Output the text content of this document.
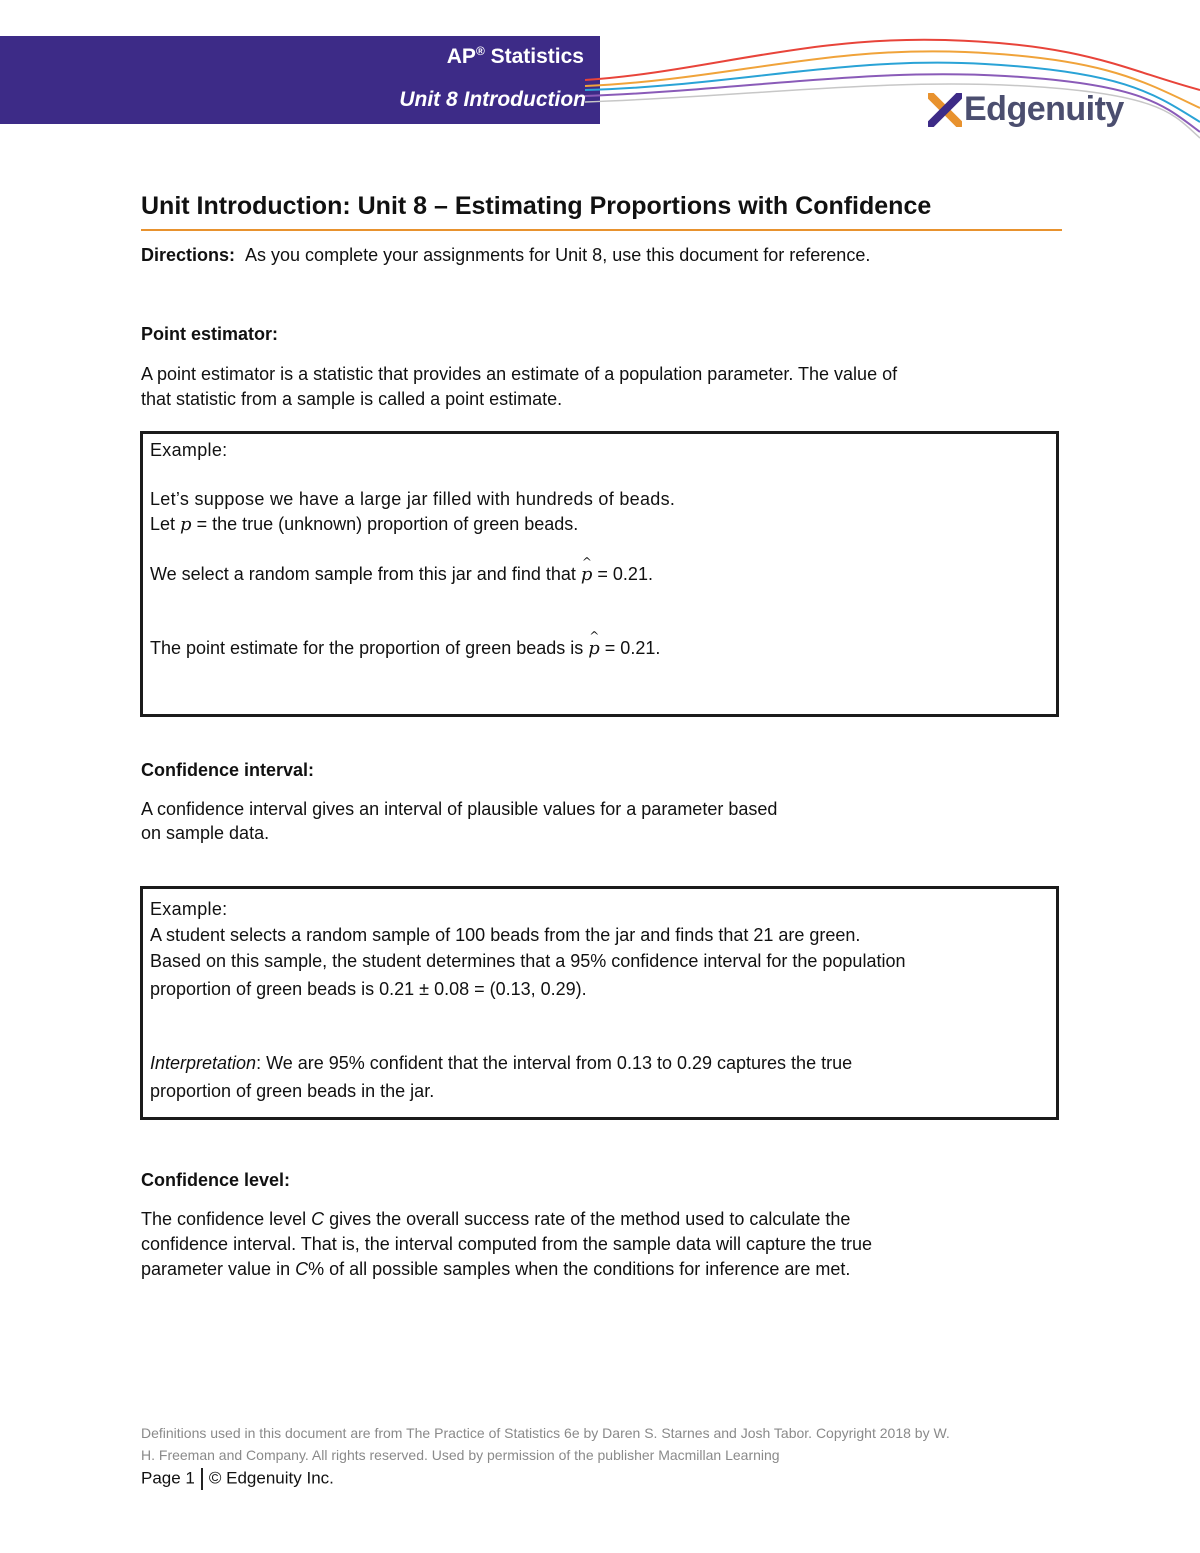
AP® Statistics
Unit 8 Introduction	Edgenuity
Unit Introduction: Unit 8 – Estimating Proportions with Confidence
Directions: As you complete your assignments for Unit 8, use this document for reference.
Point estimator:

A point estimator is a statistic that provides an estimate of a population parameter. The value of

that statistic from a sample is called a point estimate.

Example:

Let’s suppose we have a large jar filled with hundreds of beads.

Let p = the true (unknown) proportion of green beads.

We select a random sample from this jar and find that ^ p = 0.21.

The point estimate for the proportion of green beads is ^ p = 0.21.

Confidence interval:

A confidence interval gives an interval of plausible values for a parameter based

on sample data.

Example:

A student selects a random sample of 100 beads from the jar and finds that 21 are green.

Based on this sample, the student determines that a 95% confidence interval for the population

proportion of green beads is 0.21 ± 0.08 = (0.13, 0.29).

Interpretation: We are 95% confident that the interval from 0.13 to 0.29 captures the true

proportion of green beads in the jar.

Confidence level:

The confidence level C gives the overall success rate of the method used to calculate the

confidence interval. That is, the interval computed from the sample data will capture the true

parameter value in C% of all possible samples when the conditions for inference are met.

Definitions used in this document are from The Practice of Statistics 6e by Daren S. Starnes and Josh Tabor. Copyright 2018 by W.
H. Freeman and Company. All rights reserved. Used by permission of the publisher Macmillan Learning

Page 1 © Edgenuity Inc.
